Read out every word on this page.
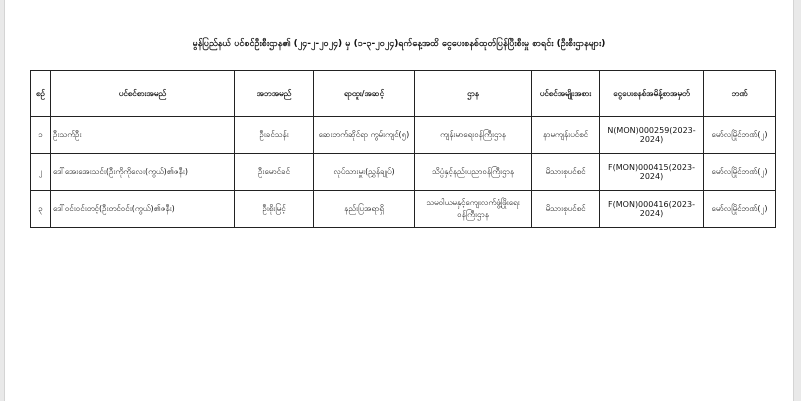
မွန်ပြည်နယ် ပင်စင်ဦးစီးဌာန၏ (၂၄-၂-၂၀၂၄) မှ (၁-၃-၂၀၂၄)ရက်နေ့အထိ ငွေပေးစနစ်ထုတ်ပြန်ပြီးစီးမှု စာရင်း (ဦးစီးဌာနများ)
စဉ်	ပင်စင်စားအမည်	အဘအမည်	ရာထူး/အဆင့်	ဌာန	ပင်စင်အမျိုးအစား	ငွေပေးစနစ်အမိန့်စာအမှတ်	ဘဏ်
၁	ဦးသက်ဦး	ဦးခင်သန်း	ဆေးဘက်ဆိုင်ရာ ကွမ်းကျင်(၅)	ကျန်းမာရေးဝန်ကြီးဌာန	နာမကျန်းပင်စင်	N(MON)000259(2023-2024)	မော်လမြိုင်ဘဏ်(၂)
၂	ဒေါ်အေးအေးသင်း(ဦးကိုကိုလေး(ကွယ်)၏ဇနီး)	ဦးမောင်ခင်	လုပ်သားမှူး(ညွှန်ချုပ်)	သိပ္ပံနှင့်နည်းပညာဝန်ကြီးဌာန	မိသားစုပင်စင်	F(MON)000415(2023-2024)	မော်လမြိုင်ဘဏ်(၂)
၃	ဒေါ်ဝင်းဝင်းတင့်(ဦးတင်ဝင်း(ကွယ်)၏ဇနီး)	ဦးစိုးမြင့်	နည်းပြအရာရှိ	သမဝါယမနှင့်ကျေးလက်ဖွံ့ဖြိုးရေး ဝန်ကြီးဌာန	မိသားစုပင်စင်	F(MON)000416(2023-2024)	မော်လမြိုင်ဘဏ်(၂)
